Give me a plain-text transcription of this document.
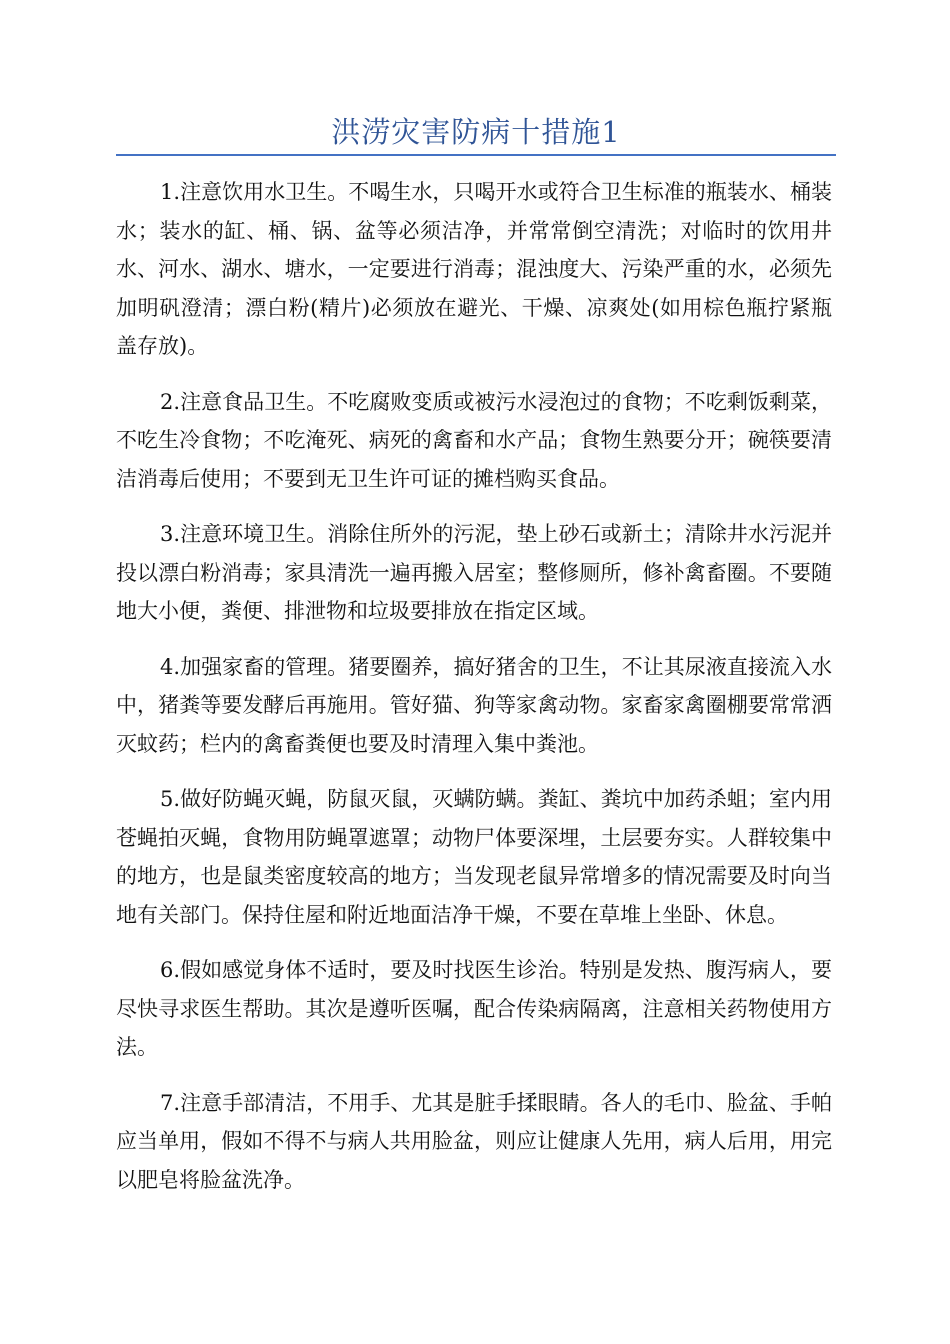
洪涝灾害防病十措施1

1.注意饮用水卫生。不喝生水，只喝开水或符合卫生标准的瓶装水、桶装水；装水的缸、桶、锅、盆等必须洁净，并常常倒空清洗；对临时的饮用井水、河水、湖水、塘水，一定要进行消毒；混浊度大、污染严重的水，必须先加明矾澄清；漂白粉(精片)必须放在避光、干燥、凉爽处(如用棕色瓶拧紧瓶盖存放)。

2.注意食品卫生。不吃腐败变质或被污水浸泡过的食物；不吃剩饭剩菜，不吃生冷食物；不吃淹死、病死的禽畜和水产品；食物生熟要分开；碗筷要清洁消毒后使用；不要到无卫生许可证的摊档购买食品。

3.注意环境卫生。消除住所外的污泥，垫上砂石或新土；清除井水污泥并投以漂白粉消毒；家具清洗一遍再搬入居室；整修厕所，修补禽畜圈。不要随地大小便，粪便、排泄物和垃圾要排放在指定区域。

4.加强家畜的管理。猪要圈养，搞好猪舍的卫生，不让其尿液直接流入水中，猪粪等要发酵后再施用。管好猫、狗等家禽动物。家畜家禽圈棚要常常洒灭蚊药；栏内的禽畜粪便也要及时清理入集中粪池。

5.做好防蝇灭蝇，防鼠灭鼠，灭螨防螨。粪缸、粪坑中加药杀蛆；室内用苍蝇拍灭蝇，食物用防蝇罩遮罩；动物尸体要深埋，土层要夯实。人群较集中的地方，也是鼠类密度较高的地方；当发现老鼠异常增多的情况需要及时向当地有关部门。保持住屋和附近地面洁净干燥，不要在草堆上坐卧、休息。

6.假如感觉身体不适时，要及时找医生诊治。特别是发热、腹泻病人，要尽快寻求医生帮助。其次是遵听医嘱，配合传染病隔离，注意相关药物使用方法。

7.注意手部清洁，不用手、尤其是脏手揉眼睛。各人的毛巾、脸盆、手帕应当单用，假如不得不与病人共用脸盆，则应让健康人先用，病人后用，用完以肥皂将脸盆洗净。
